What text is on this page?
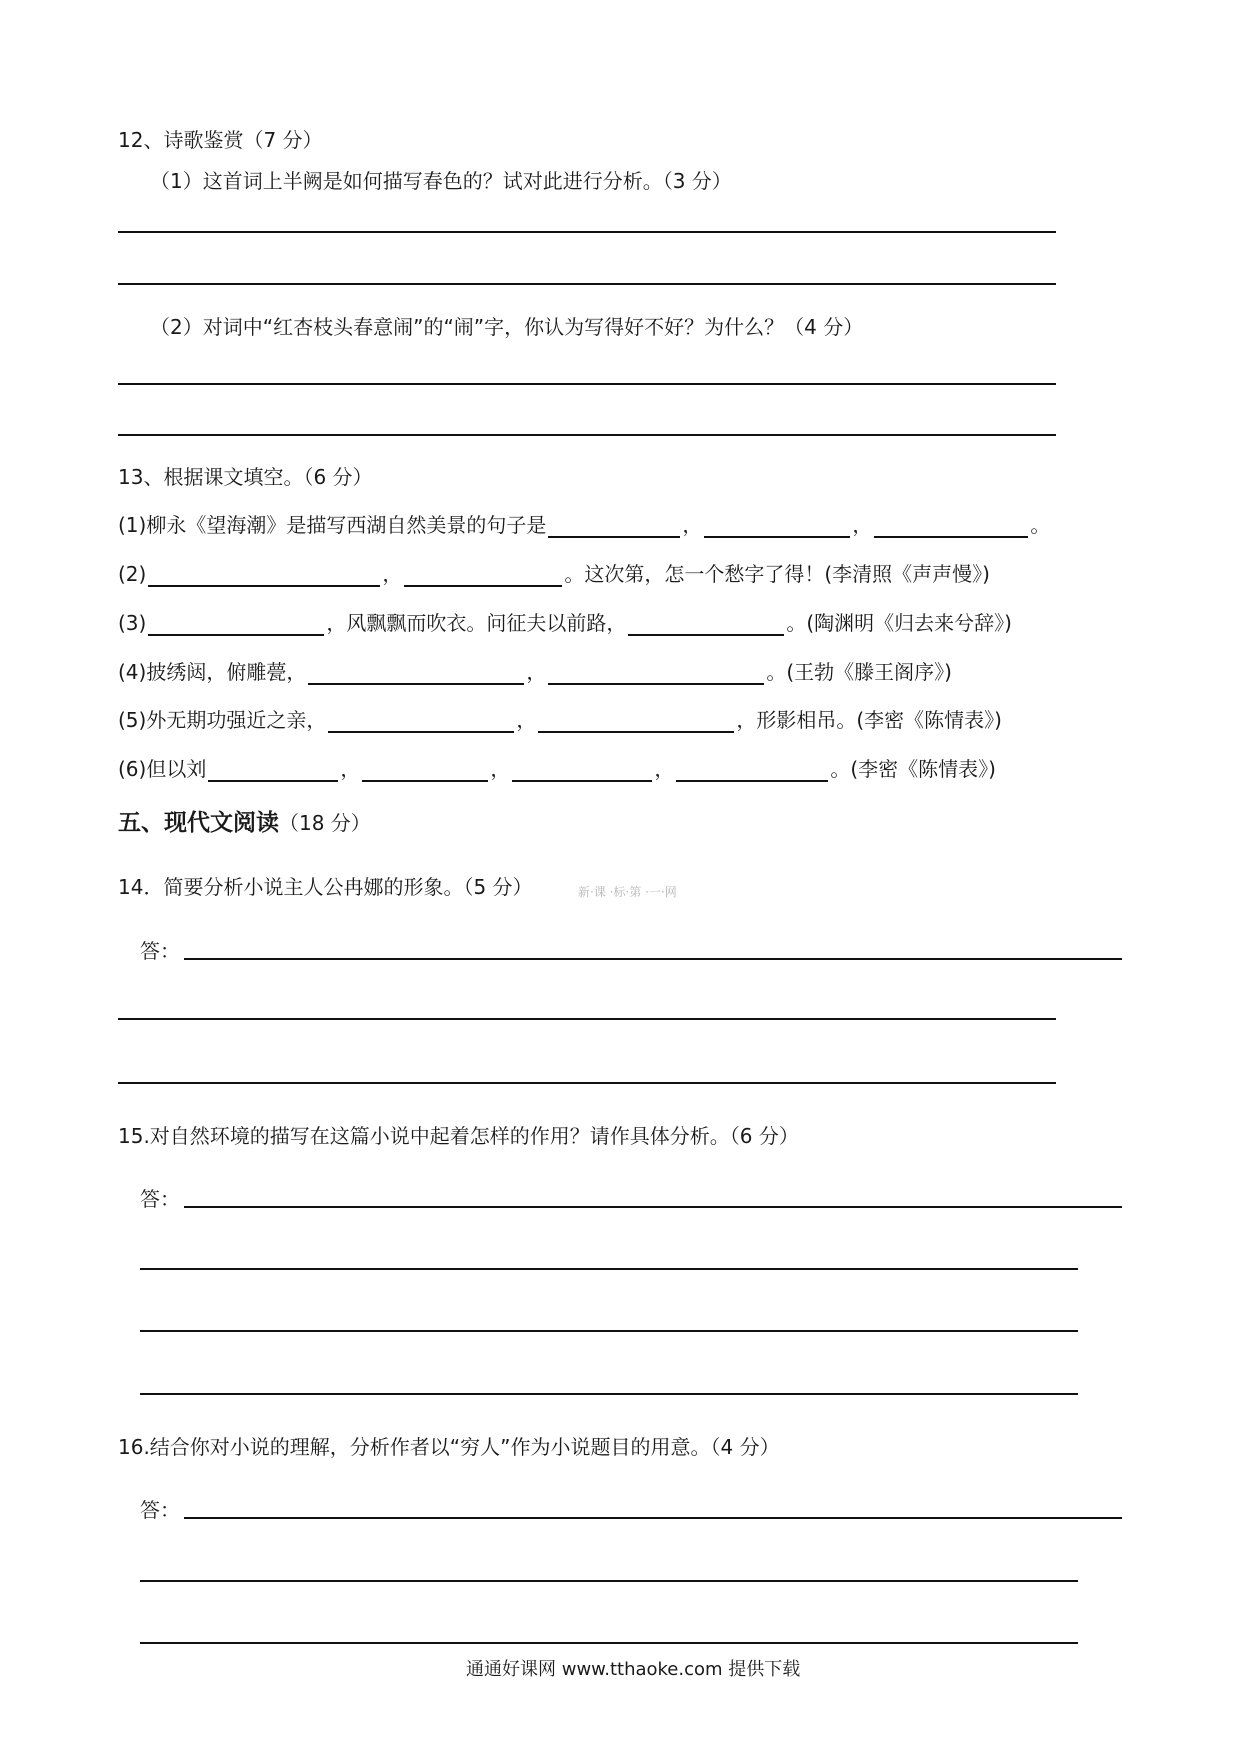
12、诗歌鉴赏（7 分）
（1）这首词上半阙是如何描写春色的？试对此进行分析。（3 分）
（2）对词中“红杏枝头春意闹”的“闹”字，你认为写得好不好？为什么？（4 分）
13、根据课文填空。（6 分）
(1)柳永《望海潮》是描写西湖自然美景的句子是	，	，	。
(2)	，	。这次第，怎一个愁字了得！(李清照《声声慢》)
(3)	，风飘飘而吹衣。问征夫以前路，	。(陶渊明《归去来兮辞》)
(4)披绣闼，俯雕甍，	，	。(王勃《滕王阁序》)
(5)外无期功强近之亲，	，	，形影相吊。(李密《陈情表》)
(6)但以刘	，	，	，	。(李密《陈情表》)
五、现代文阅读（18 分）
14．简要分析小说主人公冉娜的形象。（5 分）	新·课 ·标·第 ·一·网
答：
15.对自然环境的描写在这篇小说中起着怎样的作用？请作具体分析。（6 分）
答：
16.结合你对小说的理解，分析作者以“穷人”作为小说题目的用意。（4 分）
答：
通通好课网 www.tthaoke.com 提供下载
